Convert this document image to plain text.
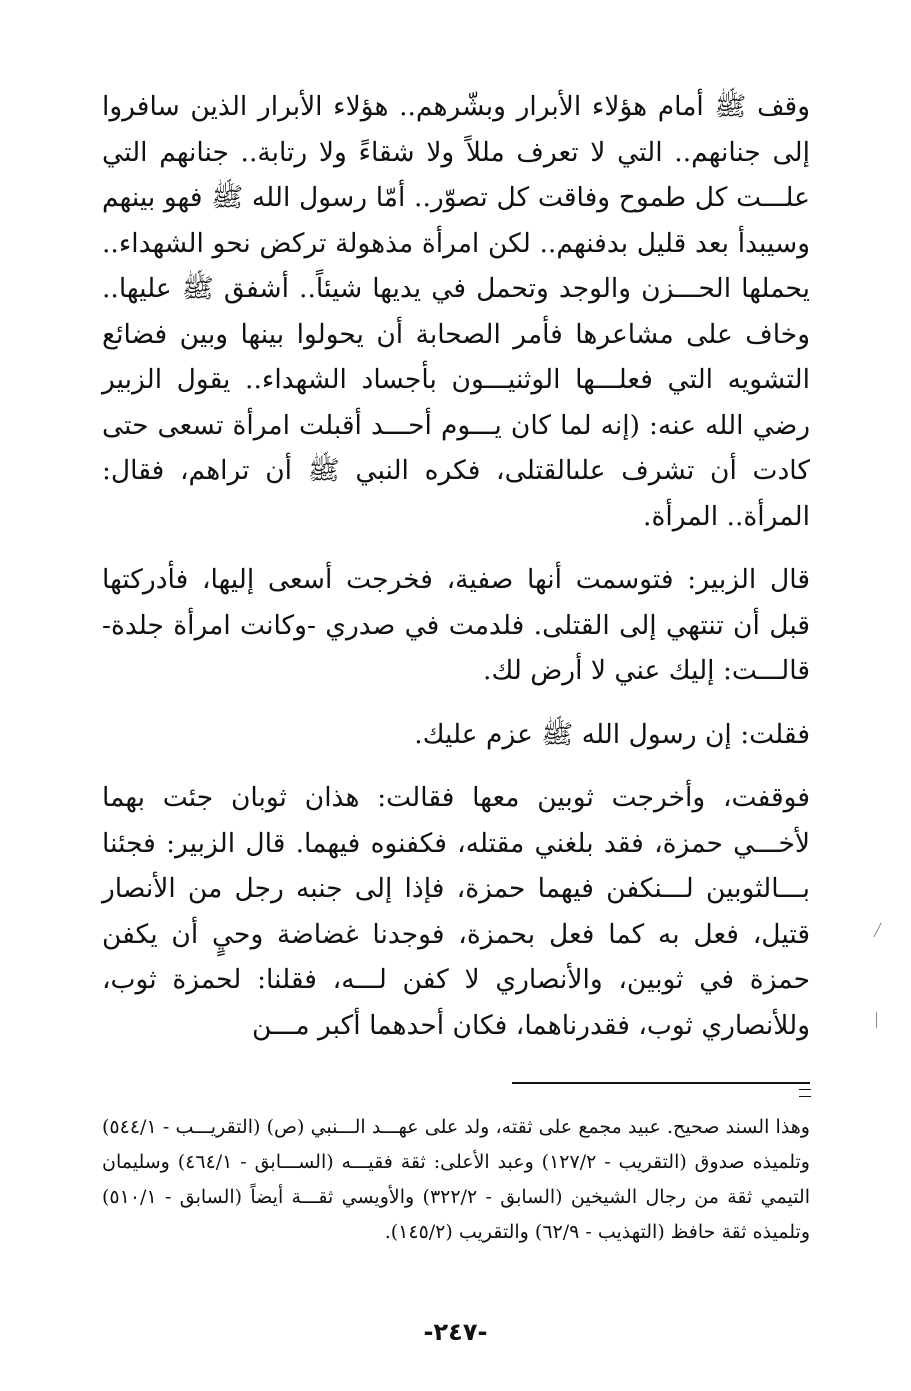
وقف ﷺ أمام هؤلاء الأبرار وبشّرهم.. هؤلاء الأبرار الذين سافروا إلى جنانهم.. التي لا تعرف مللاً ولا شقاءً ولا رتابة.. جنانهم التي علـــت كل طموح وفاقت كل تصوّر.. أمّا رسول الله ﷺ فهو بينهم وسيبدأ بعد قليل بدفنهم.. لكن امرأة مذهولة تركض نحو الشهداء.. يحملها الحـــزن والوجد وتحمل في يديها شيئاً.. أشفق ﷺ عليها.. وخاف على مشاعرها فأمر الصحابة أن يحولوا بينها وبين فضائع التشويه التي فعلـــها الوثنيـــون بأجساد الشهداء.. يقول الزبير رضي الله عنه: (إنه لما كان يـــوم أحـــد أقبلت امرأة تسعى حتى كادت أن تشرف علىالقتلى، فكره النبي ﷺ أن تراهم، فقال: المرأة.. المرأة.

قال الزبير: فتوسمت أنها صفية، فخرجت أسعى إليها، فأدركتها قبل أن تنتهي إلى القتلى. فلدمت في صدري -وكانت امرأة جلدة- قالـــت: إليك عني لا أرض لك.

فقلت: إن رسول الله ﷺ عزم عليك.

فوقفت، وأخرجت ثوبين معها فقالت: هذان ثوبان جئت بهما لأخـــي حمزة، فقد بلغني مقتله، فكفنوه فيهما. قال الزبير: فجئنا بـــالثوبين لـــنكفن فيهما حمزة، فإذا إلى جنبه رجل من الأنصار قتيل، فعل به كما فعل بحمزة، فوجدنا غضاضة وحيٍ أن يكفن حمزة في ثوبين، والأنصاري لا كفن لـــه، فقلنا: لحمزة ثوب، وللأنصاري ثوب، فقدرناهما، فكان أحدهما أكبر مـــن

وهذا السند صحيح. عبيد مجمع على ثقته، ولد على عهـــد الـــنبي (ص) (التقريـــب - ٥٤٤/١) وتلميذه صدوق (التقريب - ١٢٧/٢) وعبد الأعلى: ثقة فقيـــه (الســـابق - ٤٦٤/١) وسليمان التيمي ثقة من رجال الشيخين (السابق - ٣٢٢/٢) والأويسي ثقـــة أيضاً (السابق - ٥١٠/١) وتلميذه ثقة حافظ (التهذيب - ٦٢/٩) والتقريب (١٤٥/٢).

-٢٤٧-
